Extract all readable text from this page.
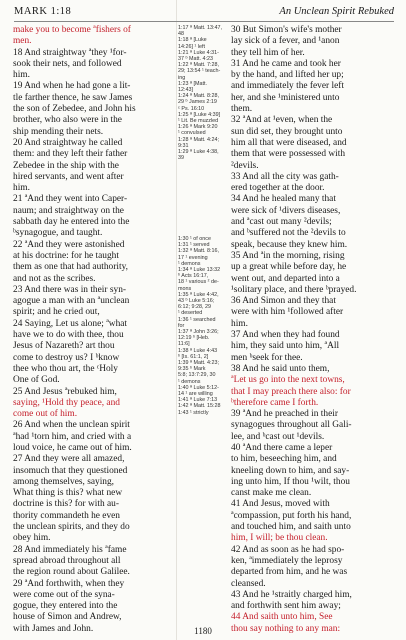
MARK 1:18	An Unclean Spirit Rebuked
make you to become ªfishers of
men.
18 And straightway ªthey ¹for-
sook their nets, and followed
him.
19 And when he had gone a lit-
tle farther thence, he saw James
the son of Zebedee, and John his
brother, who also were in the
ship mending their nets.
20 And straightway he called
them: and they left their father
Zebedee in the ship with the
hired servants, and went after
him.
21 ªAnd they went into Caper-
naum; and straightway on the
sabbath day he entered into the
ᵇsynagogue, and taught.
22 ªAnd they were astonished
at his doctrine: for he taught
them as one that had authority,
and not as the scribes.
23 And there was in their syn-
agogue a man with an ªunclean
spirit; and he cried out,
24 Saying, Let us alone; ªwhat
have we to do with thee, thou
Jesus of Nazareth? art thou
come to destroy us? I ᵇknow
thee who thou art, the ᶜHoly
One of God.
25 And Jesus ªrebuked him,
saying, ¹Hold thy peace, and
come out of him.
26 And when the unclean spirit
ªhad ¹torn him, and cried with a
loud voice, he came out of him.
27 And they were all amazed,
insomuch that they questioned
among themselves, saying,
What thing is this? what new
doctrine is this? for with au-
thority commandeth he even
the unclean spirits, and they do
obey him.
28 And immediately his ªfame
spread abroad throughout all
the region round about Galilee.
29 ªAnd forthwith, when they
were come out of the syna-
gogue, they entered into the
house of Simon and Andrew,
with James and John.
1:17 ª Matt. 13:47,
48
1:18 ª [Luke
14:26] ¹ left
1:21 ª Luke 4:31-
37 ᵇ Matt. 4:23
1:22 ª Matt. 7:28,
29; 13:54 ¹ teach-
ing
1:23 ª [Matt.
12:43]
1:24 ª Matt. 8:28,
29 ᵇ James 2:19
ᶜ Ps. 16:10
1:25 ª [Luke 4:39]
¹ Lit. Be muzzled
1:26 ª Mark 9:20
¹ convulsed
1:28 ª Matt. 4:24;
9:31
1:29 ª Luke 4:38,
39

1:30 ¹ of once
1:31 ¹ served
1:32 ª Matt. 8:16,
17 ¹ evening
¹ demons
1:34 ª Luke 13:32
ᵇ Acts 16:17,
18 ¹ various ² de-
mons
1:35 ª Luke 4:42,
43 ᵇ Luke 5:16;
6:12; 9:28, 29
¹ deserted
1:36 ¹ searched
for
1:37 ª John 3:26;
12:19 ᵇ [Heb.
11:6]
1:38 ª Luke 4:43
ᵇ [Is. 61:1, 2]
1:39 ª Matt. 4:23;
9:35 ᵇ Mark
5:8; 13:7:29, 30
¹ demons
1:40 ª Luke 5:12-
14 ¹ are willing
1:41 ª Luke 7:13
1:42 ª Matt. 15:28
1:43 ¹ strictly
30 But Simon's wife's mother
lay sick of a fever, and ¹anon
they tell him of her.
31 And he came and took her
by the hand, and lifted her up;
and immediately the fever left
her, and she ¹ministered unto
them.
32 ªAnd at ¹even, when the
sun did set, they brought unto
him all that were diseased, and
them that were possessed with
²devils.
33 And all the city was gath-
ered together at the door.
34 And he healed many that
were sick of ¹divers diseases,
and ªcast out many ²devils;
and ᵇsuffered not the ²devils to
speak, because they knew him.
35 And ªin the morning, rising
up a great while before day, he
went out, and departed into a
¹solitary place, and there ᵇprayed.
36 And Simon and they that
were with him ¹followed after
him.
37 And when they had found
him, they said unto him, ªAll
men ᵇseek for thee.
38 And he said unto them,
ªLet us go into the next towns,
that I may preach there also: for
ᵇtherefore came I forth.
39 ªAnd he preached in their
synagogues throughout all Gali-
lee, and ᵇcast out ¹devils.
40 ªAnd there came a leper
to him, beseeching him, and
kneeling down to him, and say-
ing unto him, If thou ¹wilt, thou
canst make me clean.
41 And Jesus, moved with
ªcompassion, put forth his hand,
and touched him, and saith unto
him, I will; be thou clean.
42 And as soon as he had spo-
ken, ªimmediately the leprosy
departed from him, and he was
cleansed.
43 And he ¹straitly charged him,
and forthwith sent him away;
44 And saith unto him, See
thou say nothing to any man:
1180
